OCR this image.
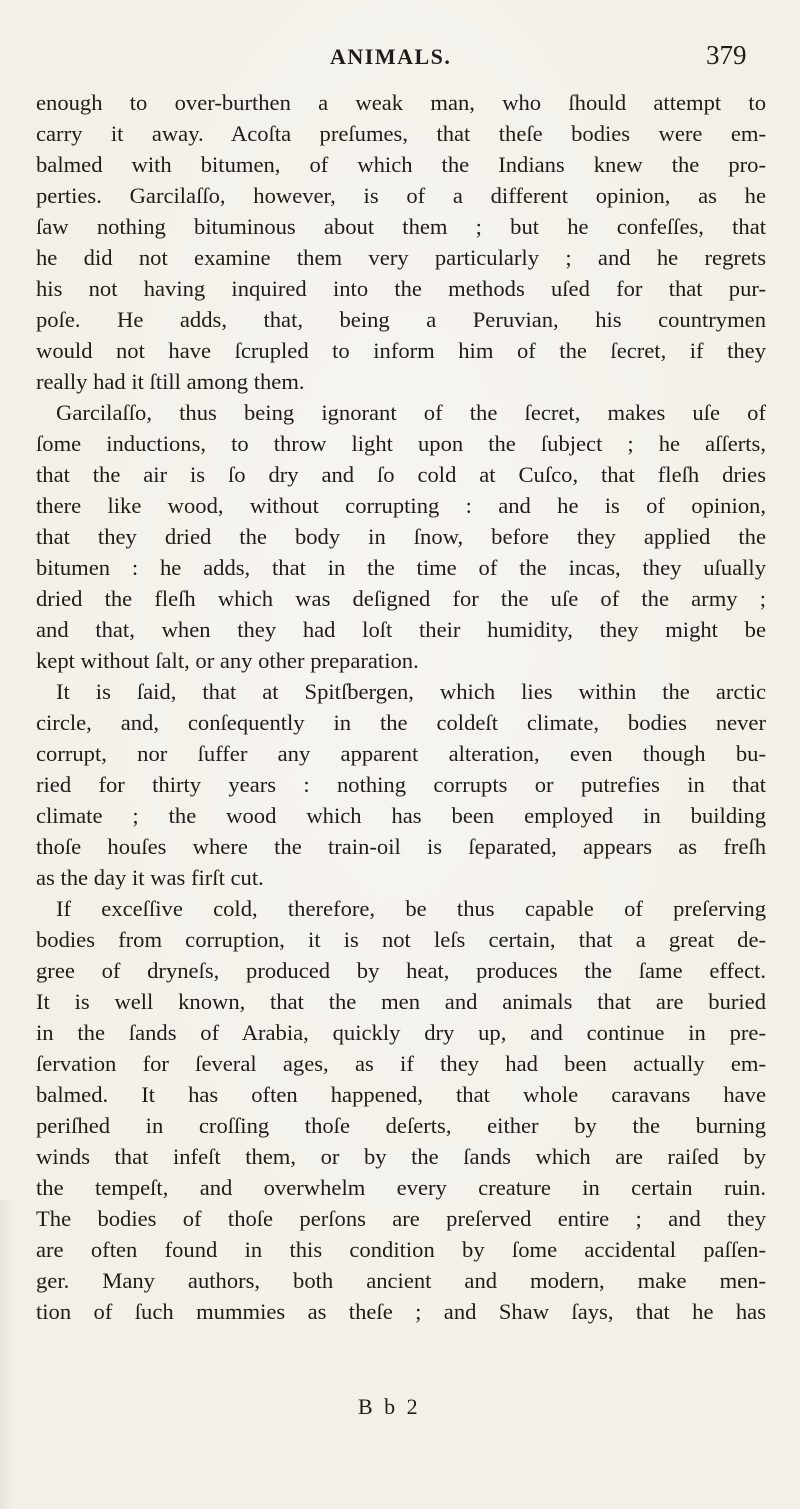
ANIMALS.	379
enough to over-burthen a weak man, who ſhould attempt to
carry it away. Acoſta preſumes, that theſe bodies were em-
balmed with bitumen, of which the Indians knew the pro-
perties. Garcilaſſo, however, is of a different opinion, as he
ſaw nothing bituminous about them ; but he confeſſes, that
he did not examine them very particularly ; and he regrets
his not having inquired into the methods uſed for that pur-
poſe. He adds, that, being a Peruvian, his countrymen
would not have ſcrupled to inform him of the ſecret, if they
really had it ſtill among them.
Garcilaſſo, thus being ignorant of the ſecret, makes uſe of
ſome inductions, to throw light upon the ſubject ; he aſſerts,
that the air is ſo dry and ſo cold at Cuſco, that fleſh dries
there like wood, without corrupting : and he is of opinion,
that they dried the body in ſnow, before they applied the
bitumen : he adds, that in the time of the incas, they uſually
dried the fleſh which was deſigned for the uſe of the army ;
and that, when they had loſt their humidity, they might be
kept without ſalt, or any other preparation.
It is ſaid, that at Spitſbergen, which lies within the arctic
circle, and, conſequently in the coldeſt climate, bodies never
corrupt, nor ſuffer any apparent alteration, even though bu-
ried for thirty years : nothing corrupts or putrefies in that
climate ; the wood which has been employed in building
thoſe houſes where the train-oil is ſeparated, appears as freſh
as the day it was firſt cut.
If exceſſive cold, therefore, be thus capable of preſerving
bodies from corruption, it is not leſs certain, that a great de-
gree of dryneſs, produced by heat, produces the ſame effect.
It is well known, that the men and animals that are buried
in the ſands of Arabia, quickly dry up, and continue in pre-
ſervation for ſeveral ages, as if they had been actually em-
balmed. It has often happened, that whole caravans have
periſhed in croſſing thoſe deſerts, either by the burning
winds that infeſt them, or by the ſands which are raiſed by
the tempeſt, and overwhelm every creature in certain ruin.
The bodies of thoſe perſons are preſerved entire ; and they
are often found in this condition by ſome accidental paſſen-
ger. Many authors, both ancient and modern, make men-
tion of ſuch mummies as theſe ; and Shaw ſays, that he has
B b 2
